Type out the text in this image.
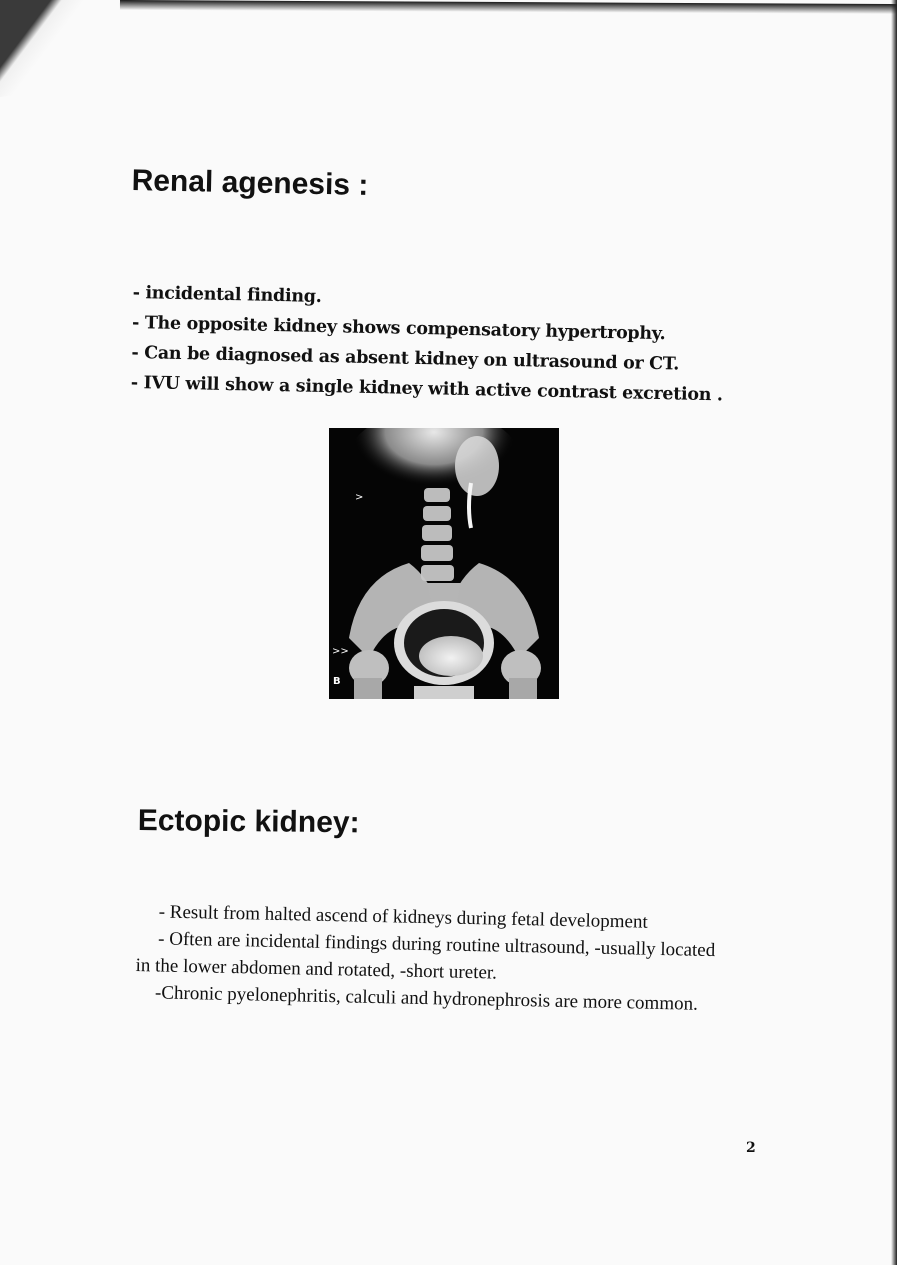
Renal agenesis :
- incidental finding.
- The opposite kidney shows compensatory hypertrophy.
- Can be diagnosed as absent kidney on ultrasound or CT.
- IVU will show a single kidney with active contrast excretion .
>
>>
B
Ectopic kidney:

- Result from halted ascend of kidneys during fetal development

- Often are incidental findings during routine ultrasound, -usually located in the lower abdomen and rotated, -short ureter.

-Chronic pyelonephritis, calculi and hydronephrosis are more common.

2
